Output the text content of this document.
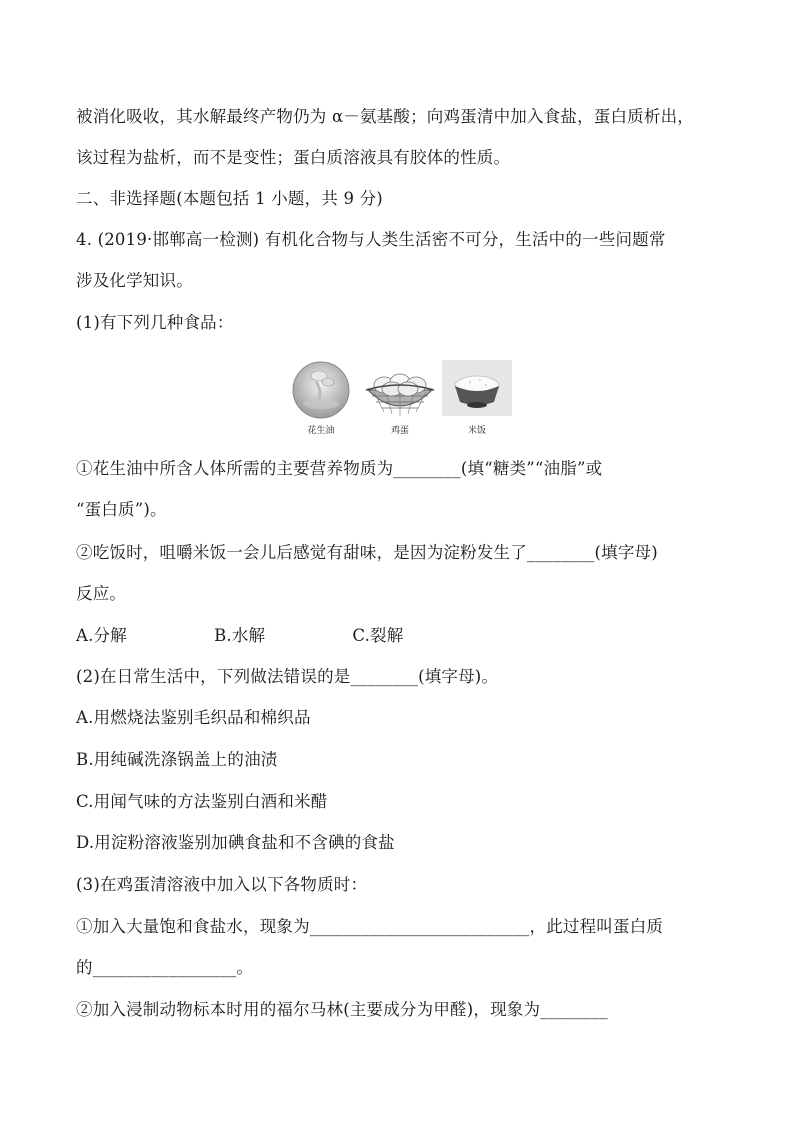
被消化吸收，其水解最终产物仍为 α－氨基酸；向鸡蛋清中加入食盐，蛋白质析出，
该过程为盐析，而不是变性；蛋白质溶液具有胶体的性质。
二、非选择题(本题包括 1 小题，共 9 分)
4. (2019·邯郸高一检测) 有机化合物与人类生活密不可分，生活中的一些问题常
涉及化学知识。
(1)有下列几种食品：
花生油	鸡蛋	米饭
①花生油中所含人体所需的主要营养物质为________(填“糖类”“油脂”或
“蛋白质”)。
②吃饭时，咀嚼米饭一会儿后感觉有甜味，是因为淀粉发生了________(填字母)
反应。
A.分解                B.水解                C.裂解
(2)在日常生活中，下列做法错误的是________(填字母)。
A.用燃烧法鉴别毛织品和棉织品
B.用纯碱洗涤锅盖上的油渍
C.用闻气味的方法鉴别白酒和米醋
D.用淀粉溶液鉴别加碘食盐和不含碘的食盐
(3)在鸡蛋清溶液中加入以下各物质时：
①加入大量饱和食盐水，现象为__________________________，此过程叫蛋白质
的_________________。
②加入浸制动物标本时用的福尔马林(主要成分为甲醛)，现象为________
